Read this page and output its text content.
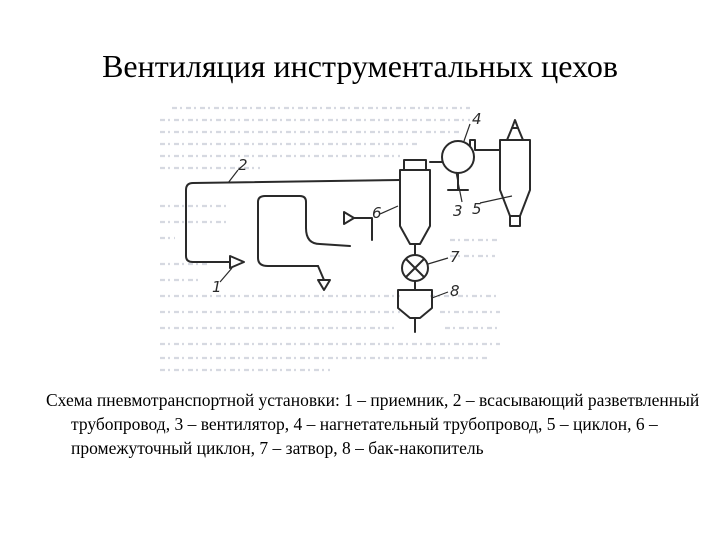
Вентиляция инструментальных цехов
1
2
3
4
5
6
7
8
Схема пневмотранспортной установки: 1 – приемник, 2 – всасывающий разветвленный трубопровод, 3 – вентилятор, 4 – нагнетательный трубопровод, 5 – циклон, 6 – промежуточный циклон, 7 – затвор, 8 – бак-накопитель
